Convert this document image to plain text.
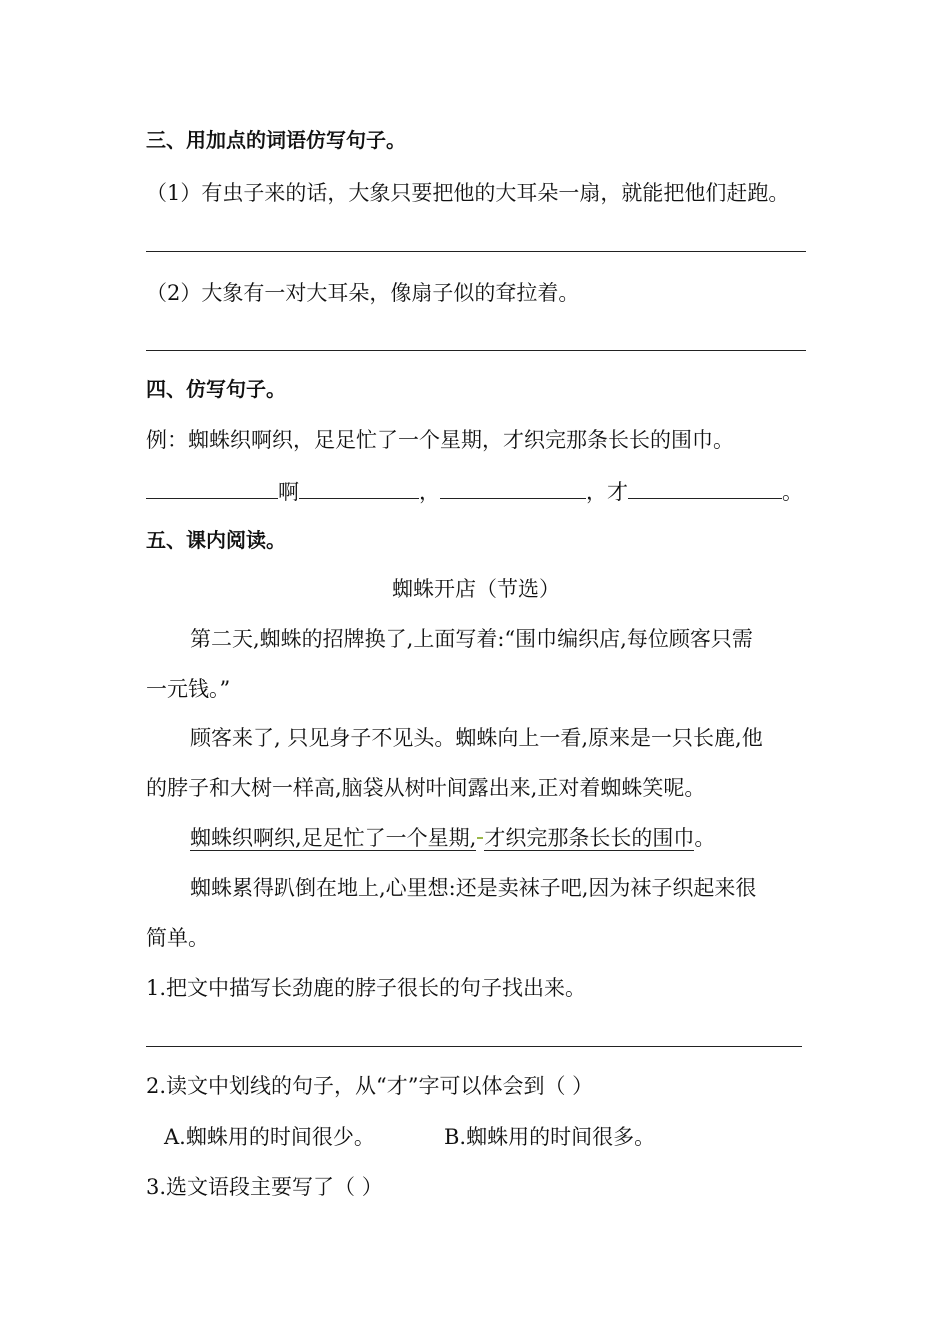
三、用加点的词语仿写句子。
（1）有虫子来的话，大象只要把他的大耳朵一扇，就能把他们赶跑。
（2）大象有一对大耳朵，像扇子似的耷拉着。
四、仿写句子。
例：蜘蛛织啊织，足足忙了一个星期，才织完那条长长的围巾。
啊	，	，才	。
五、课内阅读。
蜘蛛开店（节选）
第二天,蜘蛛的招牌换了,上面写着:“围巾编织店,每位顾客只需
一元钱。”
顾客来了, 只见身子不见头。蜘蛛向上一看,原来是一只长鹿,他
的脖子和大树一样高,脑袋从树叶间露出来,正对着蜘蛛笑呢。
蜘蛛织啊织,足足忙了一个星期, 才织完那条长长的围巾。
蜘蛛累得趴倒在地上,心里想:还是卖袜子吧,因为袜子织起来很
简单。
1.把文中描写长劲鹿的脖子很长的句子找出来。
2.读文中划线的句子，从“才”字可以体会到（ ）
A.蜘蛛用的时间很少。	B.蜘蛛用的时间很多。
3.选文语段主要写了（ ）
